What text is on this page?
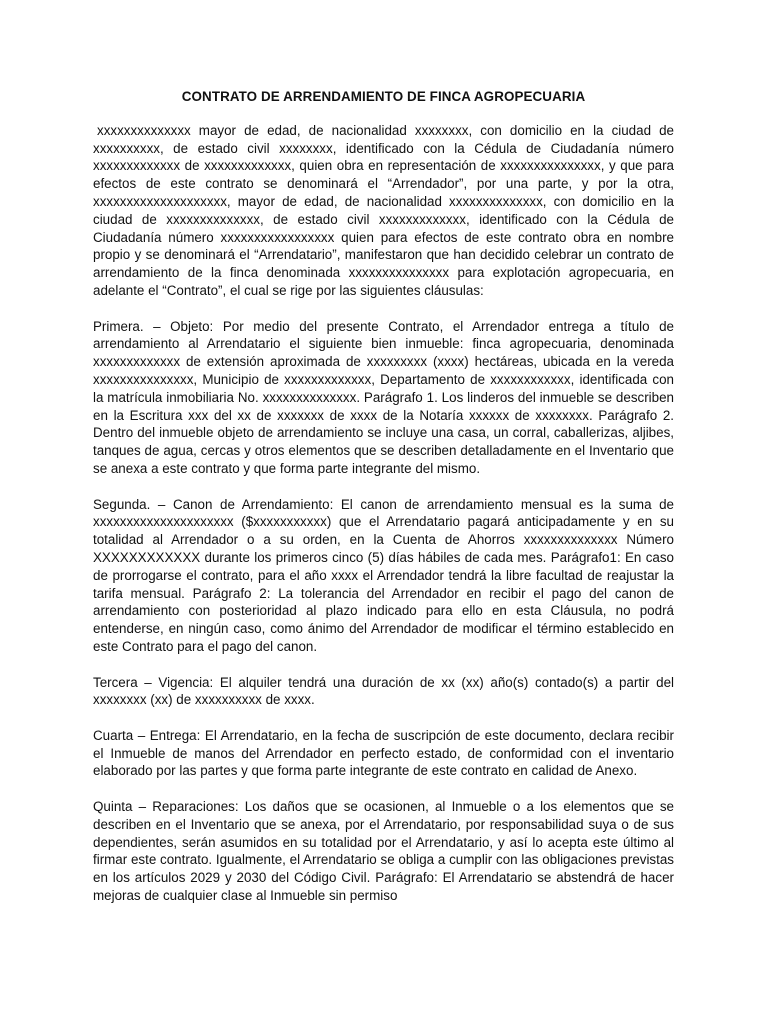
CONTRATO DE ARRENDAMIENTO DE FINCA AGROPECUARIA

xxxxxxxxxxxxxx mayor de edad, de nacionalidad xxxxxxxx, con domicilio en la ciudad de xxxxxxxxxx, de estado civil xxxxxxxx, identificado con la Cédula de Ciudadanía número xxxxxxxxxxxxx de xxxxxxxxxxxxx, quien obra en representación de xxxxxxxxxxxxxxx, y que para efectos de este contrato se denominará el “Arrendador”, por una parte, y por la otra, xxxxxxxxxxxxxxxxxxxx, mayor de edad, de nacionalidad xxxxxxxxxxxxxx, con domicilio en la ciudad de xxxxxxxxxxxxxx, de estado civil xxxxxxxxxxxxx, identificado con la Cédula de Ciudadanía número xxxxxxxxxxxxxxxxx quien para efectos de este contrato obra en nombre propio y se denominará el “Arrendatario”, manifestaron que han decidido celebrar un contrato de arrendamiento de la finca denominada xxxxxxxxxxxxxxx para explotación agropecuaria, en adelante el “Contrato”, el cual se rige por las siguientes cláusulas:

Primera. – Objeto: Por medio del presente Contrato, el Arrendador entrega a título de arrendamiento al Arrendatario el siguiente bien inmueble: finca agropecuaria, denominada xxxxxxxxxxxxx de extensión aproximada de xxxxxxxxx (xxxx) hectáreas, ubicada en la vereda xxxxxxxxxxxxxxx, Municipio de xxxxxxxxxxxxx, Departamento de xxxxxxxxxxxx, identificada con la matrícula inmobiliaria No. xxxxxxxxxxxxxx. Parágrafo 1. Los linderos del inmueble se describen en la Escritura xxx del xx de xxxxxxx de xxxx de la Notaría xxxxxx de xxxxxxxx. Parágrafo 2. Dentro del inmueble objeto de arrendamiento se incluye una casa, un corral, caballerizas, aljibes, tanques de agua, cercas y otros elementos que se describen detalladamente en el Inventario que se anexa a este contrato y que forma parte integrante del mismo.

Segunda. – Canon de Arrendamiento: El canon de arrendamiento mensual es la suma de xxxxxxxxxxxxxxxxxxxxx ($xxxxxxxxxxx) que el Arrendatario pagará anticipadamente y en su totalidad al Arrendador o a su orden, en la Cuenta de Ahorros xxxxxxxxxxxxxx Número XXXXXXXXXXXX durante los primeros cinco (5) días hábiles de cada mes. Parágrafo1: En caso de prorrogarse el contrato, para el año xxxx el Arrendador tendrá la libre facultad de reajustar la tarifa mensual. Parágrafo 2: La tolerancia del Arrendador en recibir el pago del canon de arrendamiento con posterioridad al plazo indicado para ello en esta Cláusula, no podrá entenderse, en ningún caso, como ánimo del Arrendador de modificar el término establecido en este Contrato para el pago del canon.

Tercera – Vigencia: El alquiler tendrá una duración de xx (xx) año(s) contado(s) a partir del xxxxxxxx (xx) de xxxxxxxxxx de xxxx.

Cuarta – Entrega: El Arrendatario, en la fecha de suscripción de este documento, declara recibir el Inmueble de manos del Arrendador en perfecto estado, de conformidad con el inventario elaborado por las partes y que forma parte integrante de este contrato en calidad de Anexo.

Quinta – Reparaciones: Los daños que se ocasionen, al Inmueble o a los elementos que se describen en el Inventario que se anexa, por el Arrendatario, por responsabilidad suya o de sus dependientes, serán asumidos en su totalidad por el Arrendatario, y así lo acepta este último al firmar este contrato. Igualmente, el Arrendatario se obliga a cumplir con las obligaciones previstas en los artículos 2029 y 2030 del Código Civil. Parágrafo: El Arrendatario se abstendrá de hacer mejoras de cualquier clase al Inmueble sin permiso
